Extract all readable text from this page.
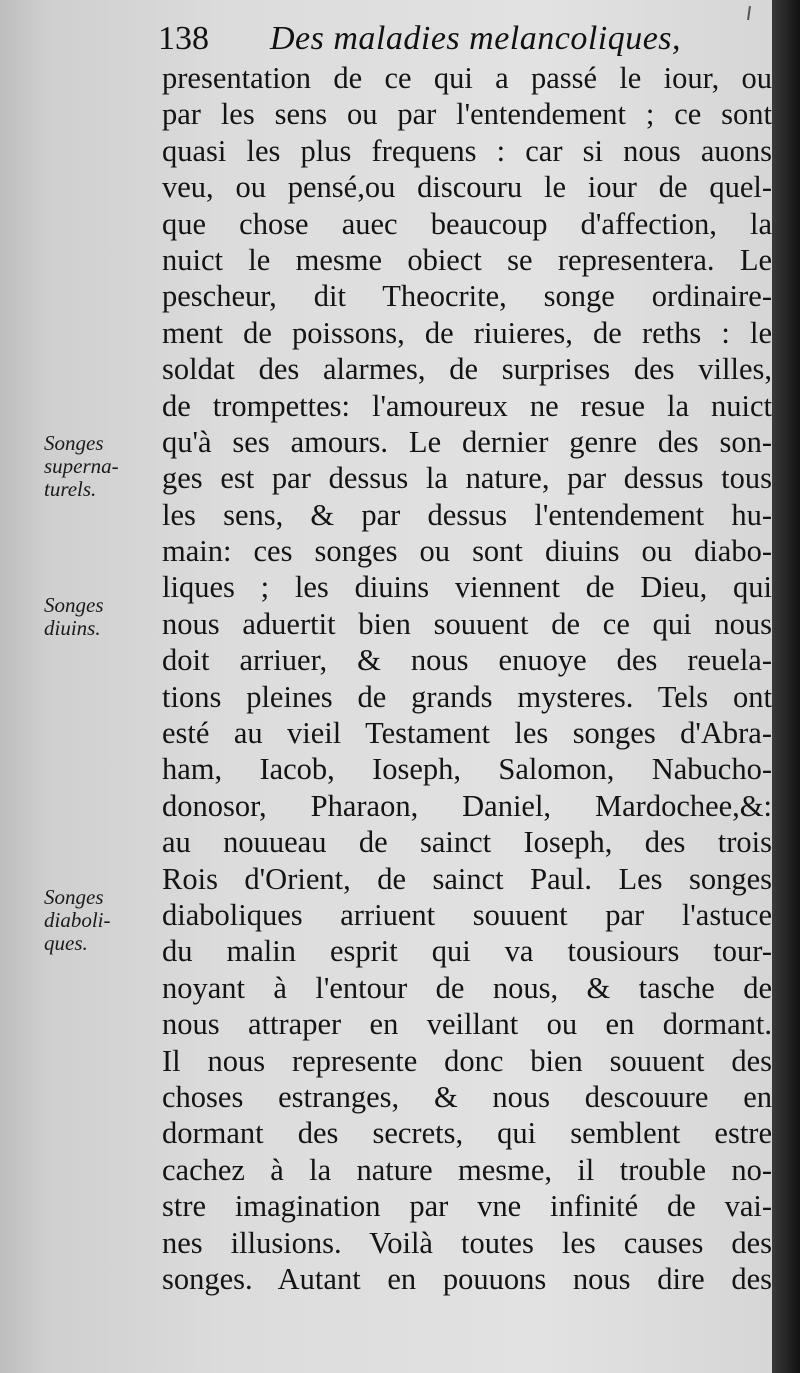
138 Des maladies melancoliques,
presentation de ce qui a passé le iour, ou
par les sens ou par l'entendement ; ce sont
quasi les plus frequens : car si nous auons
veu, ou pensé,ou discouru le iour de quel-
que chose auec beaucoup d'affection, la
nuict le mesme obiect se representera. Le
pescheur, dit Theocrite, songe ordinaire-
ment de poissons, de riuieres, de reths : le
soldat des alarmes, de surprises des villes,
de trompettes: l'amoureux ne resue la nuict
qu'à ses amours. Le dernier genre des son-
ges est par dessus la nature, par dessus tous
les sens, & par dessus l'entendement hu-
main: ces songes ou sont diuins ou diabo-
liques ; les diuins viennent de Dieu, qui
nous aduertit bien souuent de ce qui nous
doit arriuer, & nous enuoye des reuela-
tions pleines de grands mysteres. Tels ont
esté au vieil Testament les songes d'Abra-
ham, Iacob, Ioseph, Salomon, Nabucho-
donosor, Pharaon, Daniel, Mardochee,&:
au nouueau de sainct Ioseph, des trois
Rois d'Orient, de sainct Paul. Les songes
diaboliques arriuent souuent par l'astuce
du malin esprit qui va tousiours tour-
noyant à l'entour de nous, & tasche de
nous attraper en veillant ou en dormant.
Il nous represente donc bien souuent des
choses estranges, & nous descouure en
dormant des secrets, qui semblent estre
cachez à la nature mesme, il trouble no-
stre imagination par vne infinité de vai-
nes illusions. Voilà toutes les causes des
songes. Autant en pouuons nous dire des
Songes
superna-
turels.
Songes
diuins.
Songes
diaboli-
ques.
